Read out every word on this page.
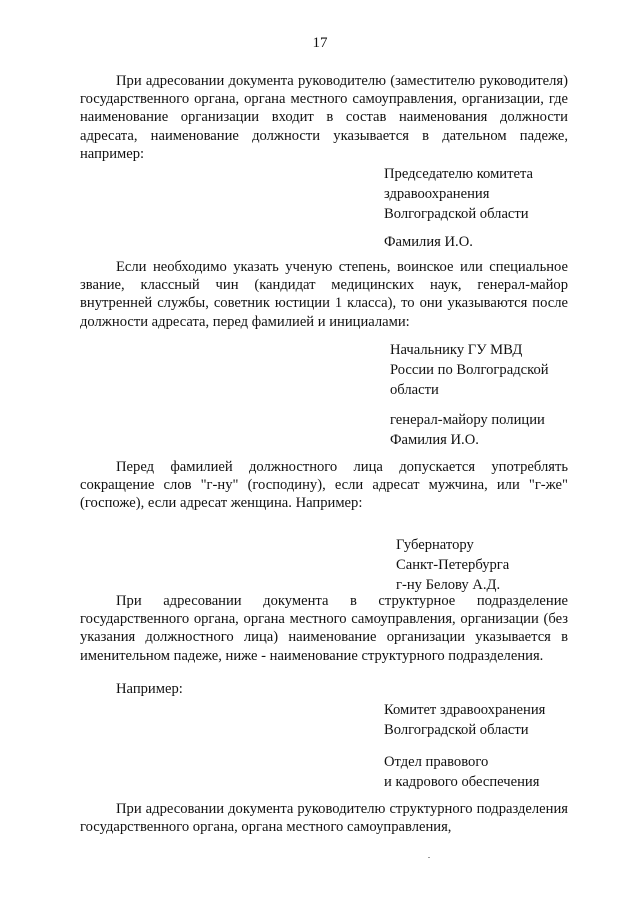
17
При адресовании документа руководителю (заместителю руководителя) государственного органа, органа местного самоуправления, организации, где наименование организации входит в состав наименования должности адресата, наименование должности указывается в дательном падеже, например:
Председателю комитета
здравоохранения
Волгоградской области
Фамилия И.О.
Если необходимо указать ученую степень, воинское или специальное звание, классный чин (кандидат медицинских наук, генерал-майор внутренней службы, советник юстиции 1 класса), то они указываются после должности адресата, перед фамилией и инициалами:
Начальнику ГУ МВД
России по Волгоградской
области
генерал-майору полиции
Фамилия И.О.
Перед фамилией должностного лица допускается употреблять сокращение слов "г-ну" (господину), если адресат мужчина, или "г-же"(госпоже), если адресат женщина. Например:
Губернатору
Санкт-Петербурга
г-ну Белову А.Д.
При адресовании документа в структурное подразделение государственного органа, органа местного самоуправления, организации (без указания должностного лица) наименование организации указывается в именительном падеже, ниже - наименование структурного подразделения.
Например:
Комитет здравоохранения
Волгоградской области
Отдел правового
и кадрового обеспечения
При адресовании документа руководителю структурного подразделения государственного органа, органа местного самоуправления,
